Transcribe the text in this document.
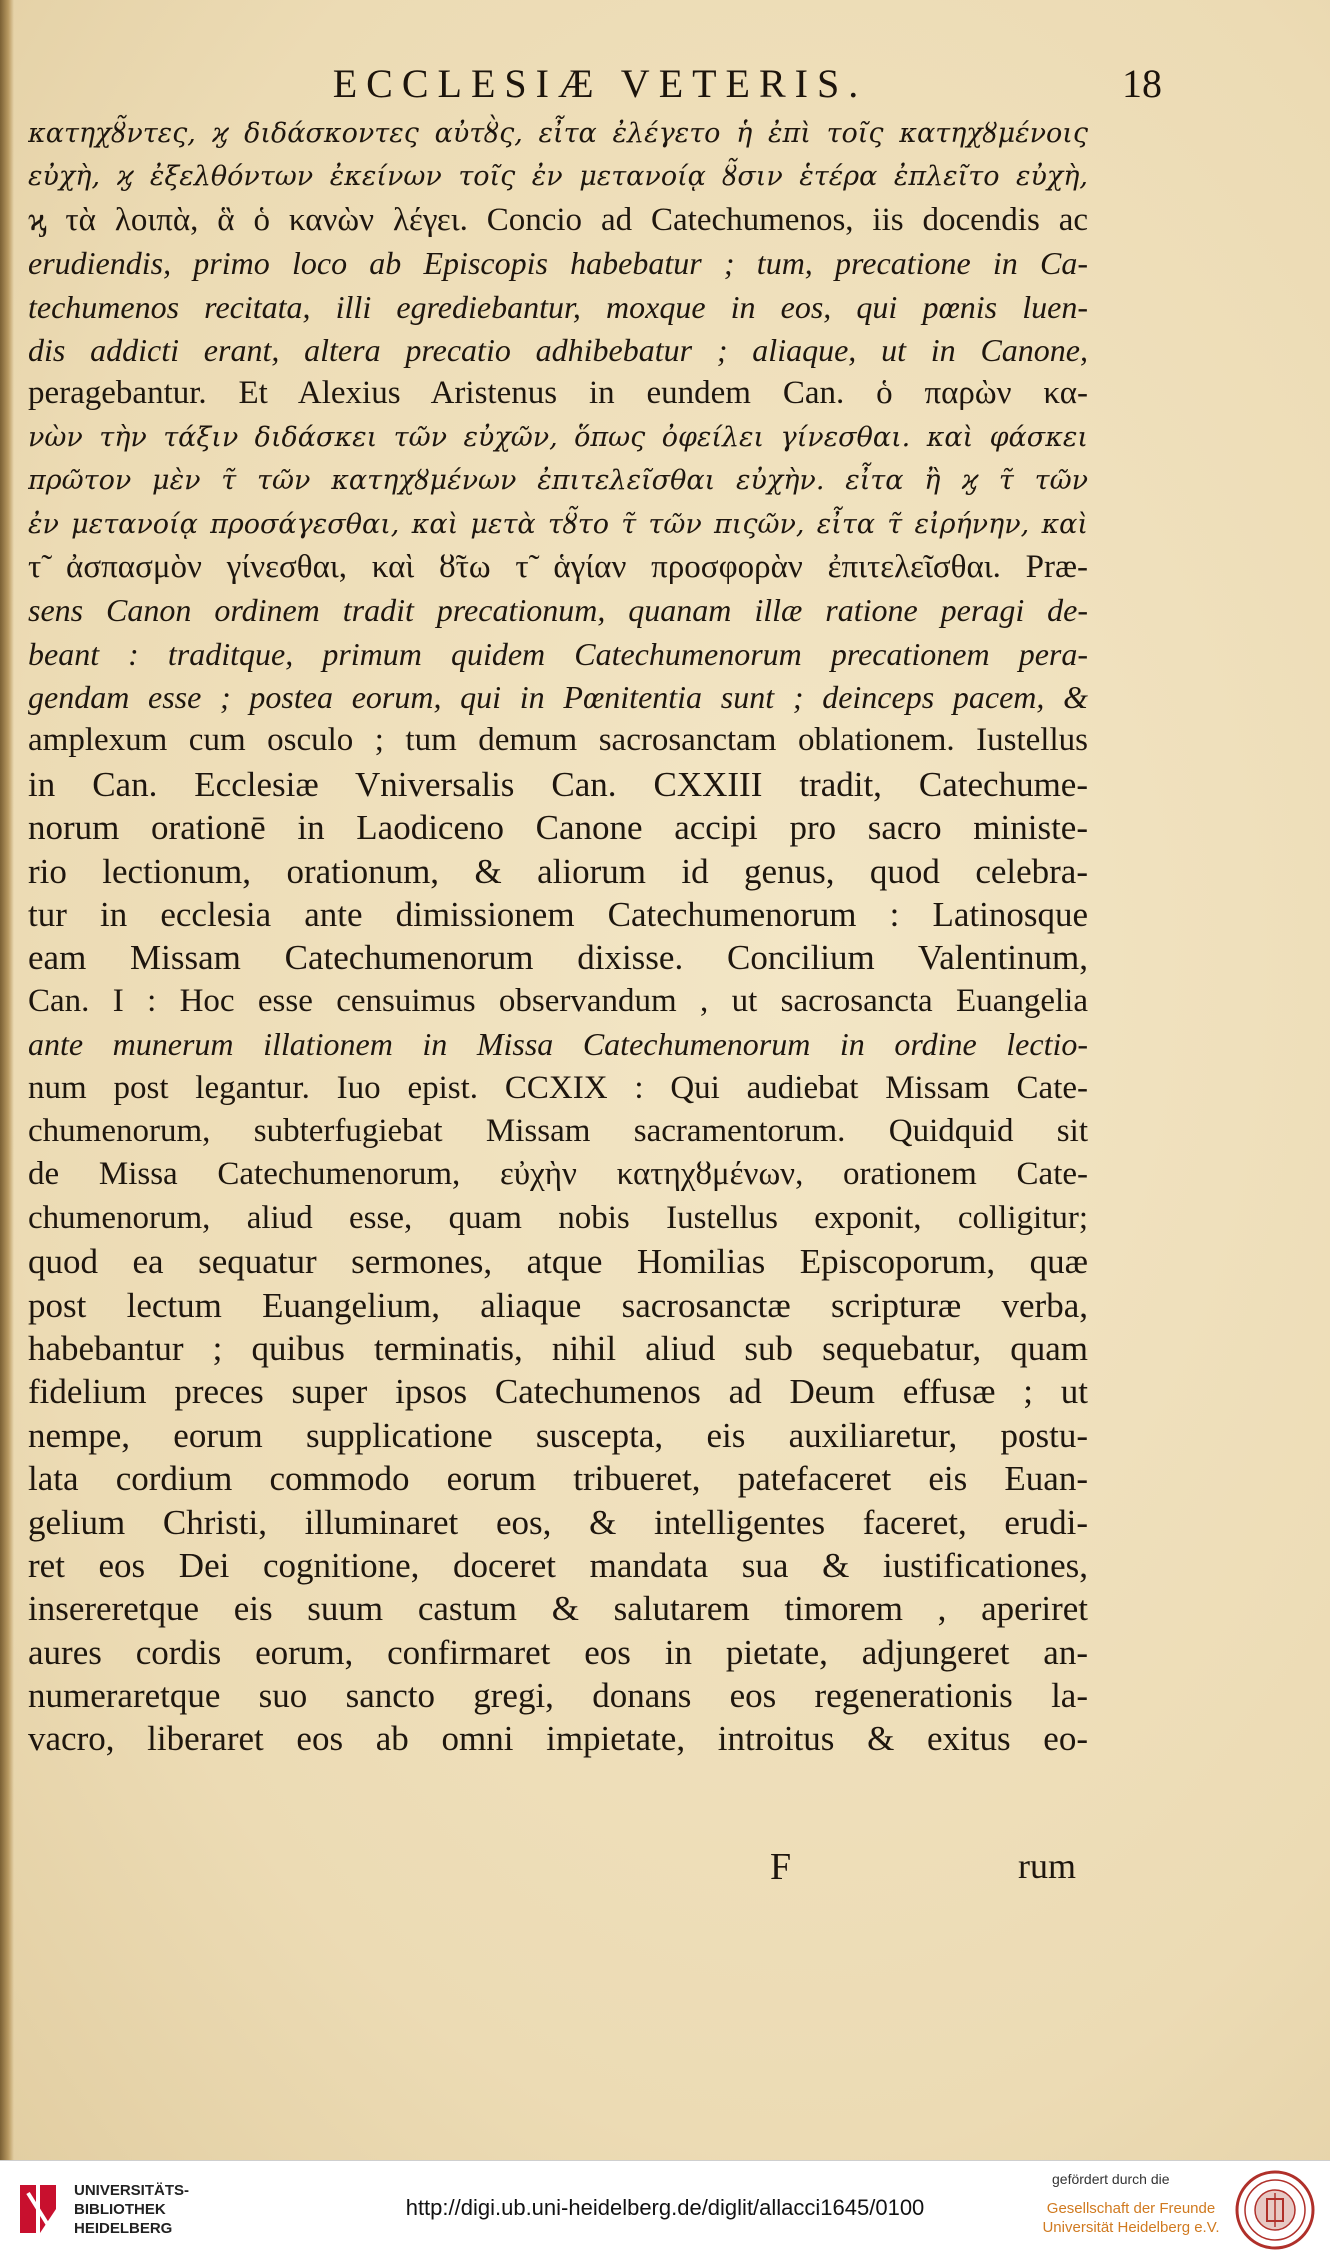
ECCLESIÆ VETERIS.	18
κατηχȣ̃ντες, ϗ διδάσκοντες αὐτȣ̀ς, εἶτα ἐλέγετο ἡ ἐπὶ τοῖς κατηχȣμένοις
εὐχὴ, ϗ ἐξελθόντων ἐκείνων τοῖς ἐν μετανοίᾳ ȣ̃σιν ἑτέρα ἐπλεῖτο εὐχὴ,
ϗ τὰ λοιπὰ, ἃ ὁ κανὼν λέγει. Concio ad Catechumenos, iis docendis ac
erudiendis, primo loco ab Episcopis habebatur ; tum, precatione in Ca-
techumenos recitata, illi egrediebantur, moxque in eos, qui pœnis luen-
dis addicti erant, altera precatio adhibebatur ; aliaque, ut in Canone,
peragebantur. Et Alexius Aristenus in eundem Can. ὁ παρὼν κα-
νὼν τὴν τάξιν διδάσκει τῶν εὐχῶν, ὅπως ὀφείλει γίνεσθαι. καὶ φάσκει
πρῶτον μὲν τ̃ τῶν κατηχȣμένων ἐπιτελεῖσθαι εὐχὴν. εἶτα ἢ ϗ τ̃ τῶν
ἐν μετανοίᾳ προσάγεσθαι, καὶ μετὰ τȣ̃το τ̃ τῶν πιςῶν, εἶτα τ̃ εἰρήνην, καὶ
τ̃ ἀσπασμὸν γίνεσθαι, καὶ ȣ̃τω τ̃ ἁγίαν προσφορὰν ἐπιτελεῖσθαι. Præ-
sens Canon ordinem tradit precationum, quanam illæ ratione peragi de-
beant : traditque, primum quidem Catechumenorum precationem pera-
gendam esse ; postea eorum, qui in Pœnitentia sunt ; deinceps pacem, &
amplexum cum osculo ; tum demum sacrosanctam oblationem. Iustellus
in Can. Ecclesiæ Vniversalis Can. CXXIII tradit, Catechume-
norum orationē in Laodiceno Canone accipi pro sacro ministe-
rio lectionum, orationum, & aliorum id genus, quod celebra-
tur in ecclesia ante dimissionem Catechumenorum : Latinosque
eam Missam Catechumenorum dixisse. Concilium Valentinum,
Can. I : Hoc esse censuimus observandum , ut sacrosancta Euangelia
ante munerum illationem in Missa Catechumenorum in ordine lectio-
num post legantur. Iuo epist. CCXIX : Qui audiebat Missam Cate-
chumenorum, subterfugiebat Missam sacramentorum. Quidquid sit
de Missa Catechumenorum, εὐχὴν κατηχȣμένων, orationem Cate-
chumenorum, aliud esse, quam nobis Iustellus exponit, colligitur;
quod ea sequatur sermones, atque Homilias Episcoporum, quæ
post lectum Euangelium, aliaque sacrosanctæ scripturæ verba,
habebantur ; quibus terminatis, nihil aliud sub sequebatur, quam
fidelium preces super ipsos Catechumenos ad Deum effusæ ; ut
nempe, eorum supplicatione suscepta, eis auxiliaretur, postu-
lata cordium commodo eorum tribueret, patefaceret eis Euan-
gelium Christi, illuminaret eos, & intelligentes faceret, erudi-
ret eos Dei cognitione, doceret mandata sua & iustificationes,
insereretque eis suum castum & salutarem timorem , aperiret
aures cordis eorum, confirmaret eos in pietate, adjungeret an-
numeraretque suo sancto gregi, donans eos regenerationis la-
vacro, liberaret eos ab omni impietate, introitus & exitus eo-
F	rum
UNIVERSITÄTS-
BIBLIOTHEK
HEIDELBERG
http://digi.ub.uni-heidelberg.de/diglit/allacci1645/0100
gefördert durch die
Gesellschaft der Freunde
Universität Heidelberg e.V.
